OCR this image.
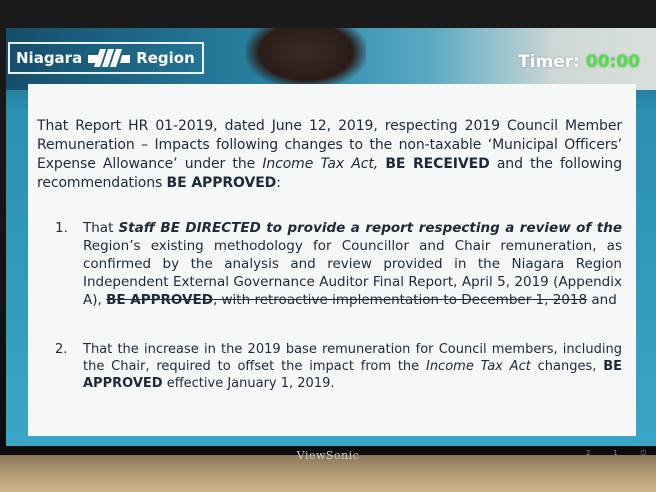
Niagara	Region	Timer: 00:00
That Report HR 01-2019, dated June 12, 2019, respecting 2019 Council Member Remuneration – Impacts following changes to the non-taxable ‘Municipal Officers’ Expense Allowance’ under the Income Tax Act, BE RECEIVED and the following recommendations BE APPROVED:
1.	That Staff BE DIRECTED to provide a report respecting a review of the Region’s existing methodology for Councillor and Chair remuneration, as confirmed by the analysis and review provided in the Niagara Region Independent External Governance Auditor Final Report, April 5, 2019 (Appendix A), BE APPROVED, with retroactive implementation to December 1, 2018 and
2.	That the increase in the 2019 base remuneration for Council members, including the Chair, required to offset the impact from the Income Tax Act changes, BE APPROVED effective January 1, 2019.
ViewSonic	2	1	⏻
